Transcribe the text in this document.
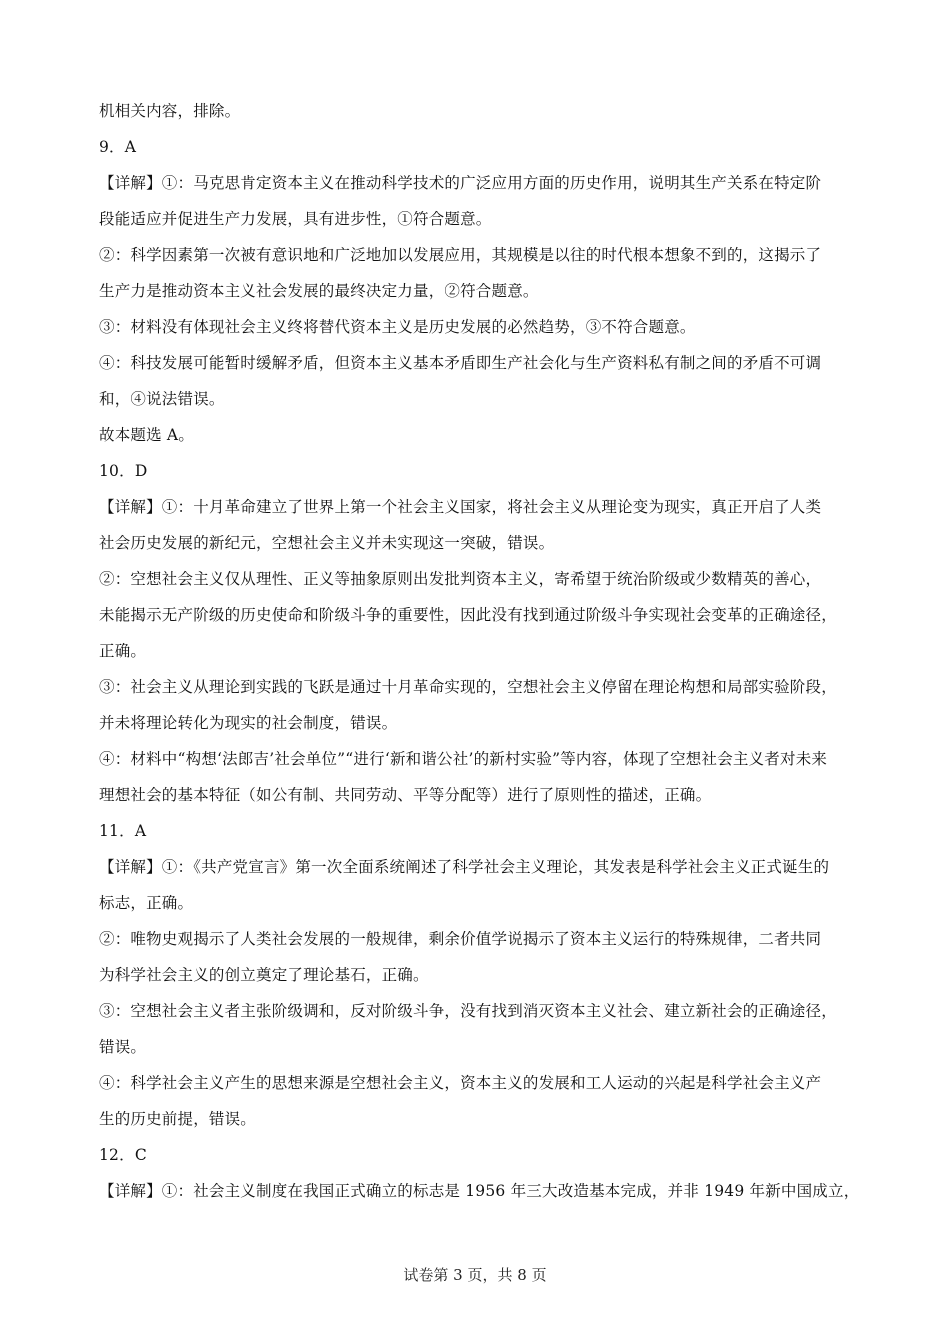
机相关内容，排除。
9．A
【详解】①：马克思肯定资本主义在推动科学技术的广泛应用方面的历史作用，说明其生产关系在特定阶
段能适应并促进生产力发展，具有进步性，①符合题意。
②：科学因素第一次被有意识地和广泛地加以发展应用，其规模是以往的时代根本想象不到的，这揭示了
生产力是推动资本主义社会发展的最终决定力量，②符合题意。
③：材料没有体现社会主义终将替代资本主义是历史发展的必然趋势，③不符合题意。
④：科技发展可能暂时缓解矛盾，但资本主义基本矛盾即生产社会化与生产资料私有制之间的矛盾不可调
和，④说法错误。
故本题选 A。
10．D
【详解】①：十月革命建立了世界上第一个社会主义国家，将社会主义从理论变为现实，真正开启了人类
社会历史发展的新纪元，空想社会主义并未实现这一突破，错误。
②：空想社会主义仅从理性、正义等抽象原则出发批判资本主义，寄希望于统治阶级或少数精英的善心，
未能揭示无产阶级的历史使命和阶级斗争的重要性，因此没有找到通过阶级斗争实现社会变革的正确途径，
正确。
③：社会主义从理论到实践的飞跃是通过十月革命实现的，空想社会主义停留在理论构想和局部实验阶段，
并未将理论转化为现实的社会制度，错误。
④：材料中“构想‘法郎吉’社会单位”“进行‘新和谐公社’的新村实验”等内容，体现了空想社会主义者对未来
理想社会的基本特征（如公有制、共同劳动、平等分配等）进行了原则性的描述，正确。
11．A
【详解】①：《共产党宣言》第一次全面系统阐述了科学社会主义理论，其发表是科学社会主义正式诞生的
标志，正确。
②：唯物史观揭示了人类社会发展的一般规律，剩余价值学说揭示了资本主义运行的特殊规律，二者共同
为科学社会主义的创立奠定了理论基石，正确。
③：空想社会主义者主张阶级调和，反对阶级斗争，没有找到消灭资本主义社会、建立新社会的正确途径，
错误。
④：科学社会主义产生的思想来源是空想社会主义，资本主义的发展和工人运动的兴起是科学社会主义产
生的历史前提，错误。
12．C
【详解】①：社会主义制度在我国正式确立的标志是 1956 年三大改造基本完成，并非 1949 年新中国成立，
试卷第 3 页，共 8 页
